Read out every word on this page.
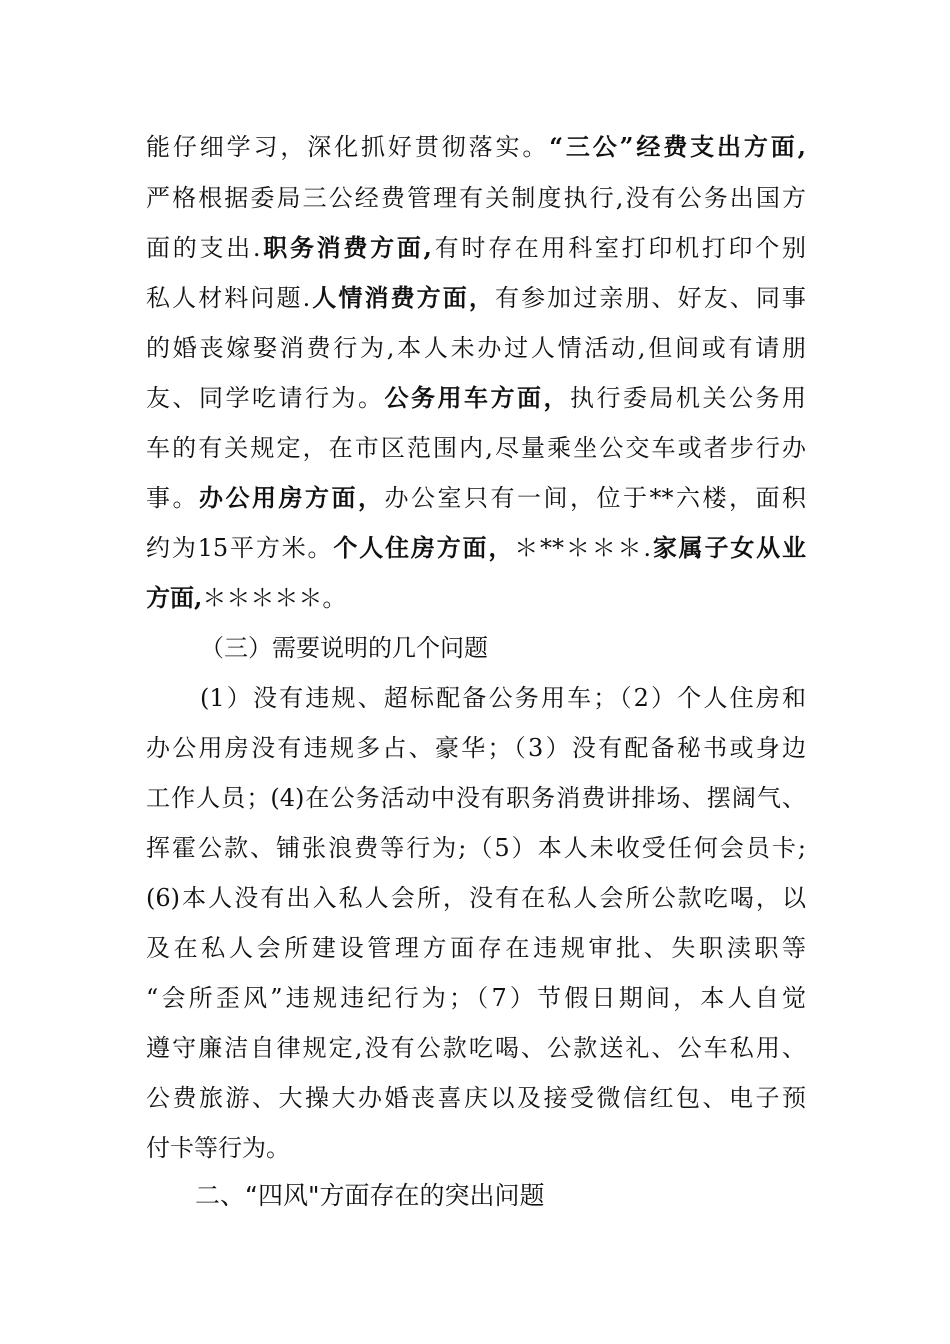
能仔细学习，深化抓好贯彻落实。“三公”经费支出方面,
严格根据委局三公经费管理有关制度执行,没有公务出国方
面的支出.职务消费方面,有时存在用科室打印机打印个别
私人材料问题.人情消费方面，有参加过亲朋、好友、同事
的婚丧嫁娶消费行为,本人未办过人情活动,但间或有请朋
友、同学吃请行为。公务用车方面，执行委局机关公务用
车的有关规定，在市区范围内,尽量乘坐公交车或者步行办
事。办公用房方面，办公室只有一间，位于**六楼，面积
约为15平方米。个人住房方面，＊**＊＊＊.家属子女从业
方面,＊＊＊＊＊。
（三）需要说明的几个问题
(1）没有违规、超标配备公务用车；（2）个人住房和
办公用房没有违规多占、豪华；（3）没有配备秘书或身边
工作人员；(4)在公务活动中没有职务消费讲排场、摆阔气、
挥霍公款、铺张浪费等行为;（5）本人未收受任何会员卡;
(6)本人没有出入私人会所，没有在私人会所公款吃喝，以
及在私人会所建设管理方面存在违规审批、失职渎职等
“会所歪风”违规违纪行为；（7）节假日期间，本人自觉
遵守廉洁自律规定,没有公款吃喝、公款送礼、公车私用、
公费旅游、大操大办婚丧喜庆以及接受微信红包、电子预
付卡等行为。
二、“四风"方面存在的突出问题
